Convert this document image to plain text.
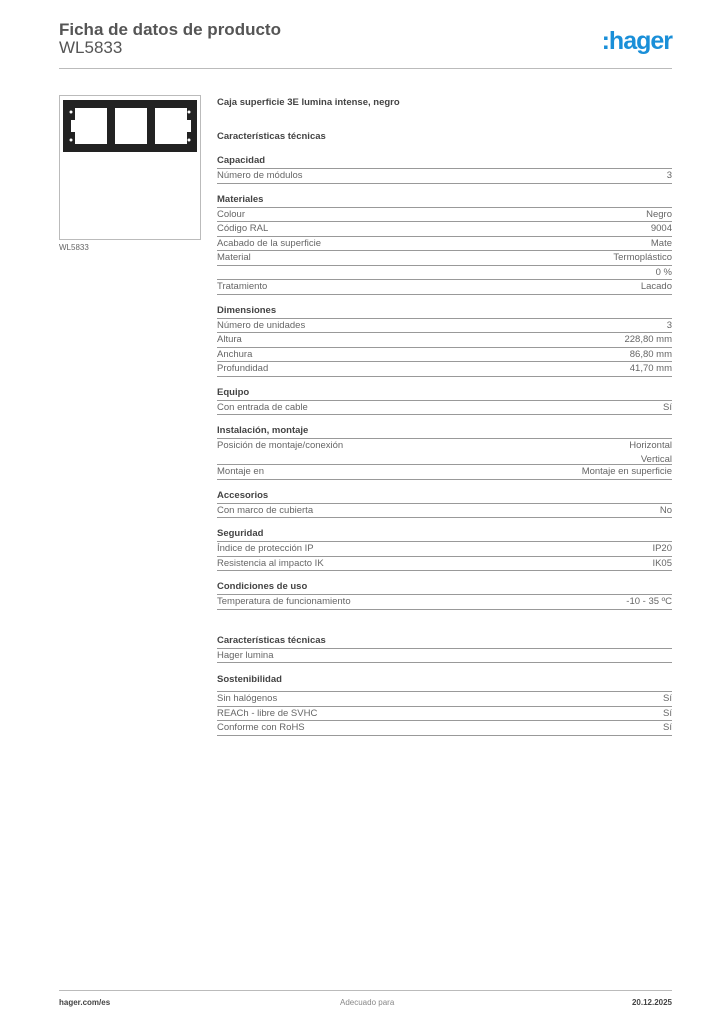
Ficha de datos de producto
WL5833	:hager
WL5833
Caja superficie 3E lumina intense, negro
Características técnicas
Capacidad
Número de módulos	3
Materiales
Colour	Negro
Código RAL	9004
Acabado de la superficie	Mate
Material	Termoplástico
0 %
Tratamiento	Lacado
Dimensiones
Número de unidades	3
Altura	228,80 mm
Anchura	86,80 mm
Profundidad	41,70 mm
Equipo
Con entrada de cable	Sí
Instalación, montaje
Posición de montaje/conexión	Horizontal
Vertical
Montaje en	Montaje en superficie
Accesorios
Con marco de cubierta	No
Seguridad
Índice de protección IP	IP20
Resistencia al impacto IK	IK05
Condiciones de uso
Temperatura de funcionamiento	-10 - 35 ºC
Características técnicas
Hager lumina
Sostenibilidad
Sin halógenos	Sí
REACh - libre de SVHC	Sí
Conforme con RoHS	Sí
hager.com/es	Adecuado para	20.12.2025
